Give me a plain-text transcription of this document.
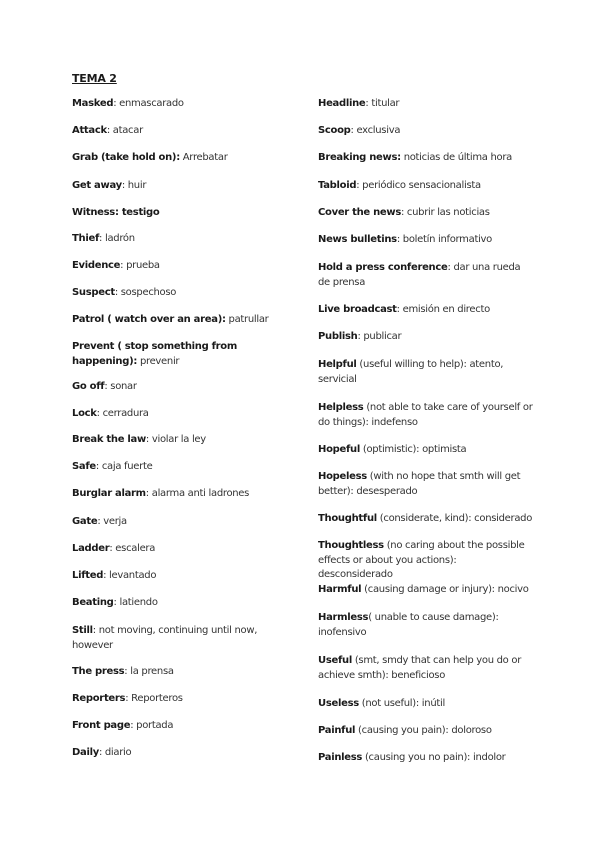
TEMA 2

Masked: enmascarado

Attack: atacar

Grab (take hold on): Arrebatar

Get away: huir

Witness: testigo

Thief: ladrón

Evidence: prueba

Suspect: sospechoso

Patrol ( watch over an area): patrullar

Prevent ( stop something from happening): prevenir

Go off: sonar

Lock: cerradura

Break the law: violar la ley

Safe: caja fuerte

Burglar alarm: alarma anti ladrones

Gate: verja

Ladder: escalera

Lifted: levantado

Beating: latiendo

Still: not moving, continuing until now, however

The press: la prensa

Reporters: Reporteros

Front page: portada

Daily: diario

Headline: titular

Scoop: exclusiva

Breaking news: noticias de última hora

Tabloid: periódico sensacionalista

Cover the news: cubrir las noticias

News bulletins: boletín informativo

Hold a press conference: dar una rueda de prensa

Live broadcast: emisión en directo

Publish: publicar

Helpful (useful willing to help): atento, servicial

Helpless (not able to take care of yourself or do things): indefenso

Hopeful (optimistic): optimista

Hopeless (with no hope that smth will get better): desesperado

Thoughtful (considerate, kind): considerado

Thoughtless (no caring about the possible effects or about you actions): desconsiderado

Harmful (causing damage or injury): nocivo

Harmless( unable to cause damage): inofensivo

Useful (smt, smdy that can help you do or achieve smth): beneficioso

Useless (not useful): inútil

Painful (causing you pain): doloroso

Painless (causing you no pain): indolor
